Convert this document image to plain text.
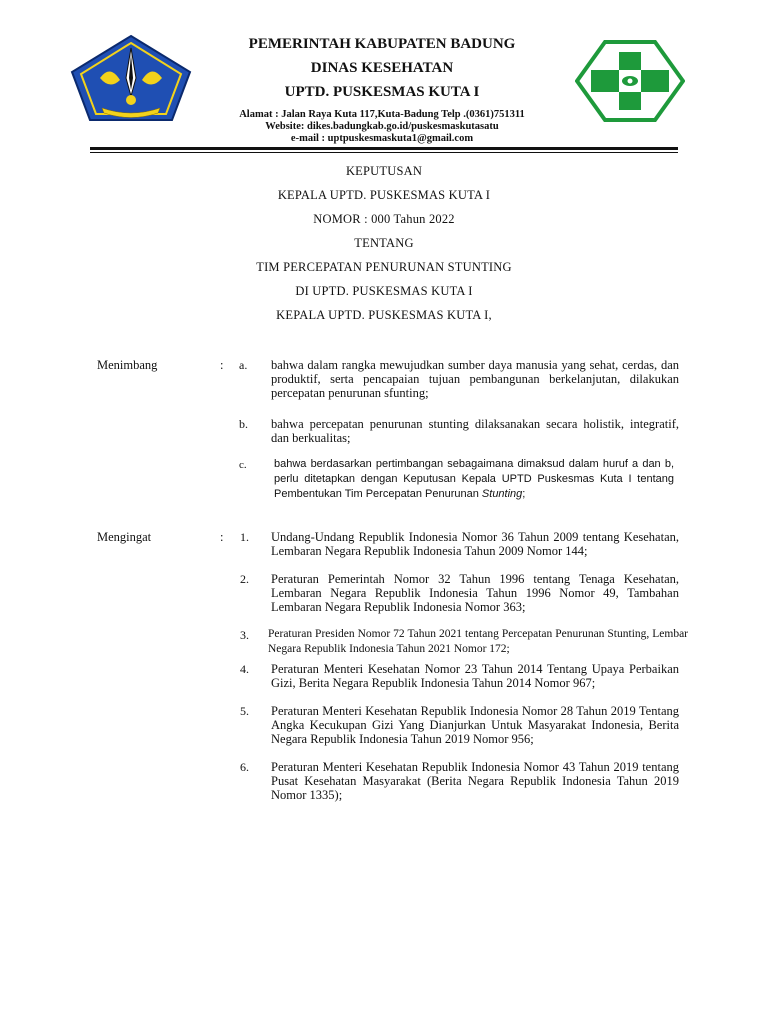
PEMERINTAH KABUPATEN BADUNG
DINAS KESEHATAN
UPTD. PUSKESMAS KUTA I
Alamat : Jalan Raya Kuta 117,Kuta-Badung Telp .(0361)751311
Website: dikes.badungkab.go.id/puskesmaskutasatu
e-mail : uptpuskesmaskuta1@gmail.com
KEPUTUSAN
KEPALA UPTD. PUSKESMAS KUTA I
NOMOR : 000 Tahun 2022
TENTANG
TIM PERCEPATAN PENURUNAN STUNTING
DI UPTD. PUSKESMAS KUTA I
KEPALA UPTD. PUSKESMAS KUTA I,
Menimbang	: a. bahwa dalam rangka mewujudkan sumber daya manusia yang sehat, cerdas, dan produktif, serta pencapaian tujuan pembangunan berkelanjutan, dilakukan percepatan penurunan sfunting;
b. bahwa percepatan penurunan stunting dilaksanakan secara holistik, integratif, dan berkualitas;
c. bahwa berdasarkan pertimbangan sebagaimana dimaksud dalam huruf a dan b, perlu ditetapkan dengan Keputusan Kepala UPTD Puskesmas Kuta I tentang Pembentukan Tim Percepatan Penurunan Stunting;
Mengingat	: 1. Undang-Undang Republik Indonesia Nomor 36 Tahun 2009 tentang Kesehatan, Lembaran Negara Republik Indonesia Tahun 2009 Nomor 144;
2. Peraturan Pemerintah Nomor 32 Tahun 1996 tentang Tenaga Kesehatan, Lembaran Negara Republik Indonesia Tahun 1996 Nomor 49, Tambahan Lembaran Negara Republik Indonesia Nomor 363;
3. Peraturan Presiden Nomor 72 Tahun 2021 tentang Percepatan Penurunan Stunting, Lembar Negara Republik Indonesia Tahun 2021 Nomor 172;
4. Peraturan Menteri Kesehatan Nomor 23 Tahun 2014 Tentang Upaya Perbaikan Gizi, Berita Negara Republik Indonesia Tahun 2014 Nomor 967;
5. Peraturan Menteri Kesehatan Republik Indonesia Nomor 28 Tahun 2019 Tentang Angka Kecukupan Gizi Yang Dianjurkan Untuk Masyarakat Indonesia, Berita Negara Republik Indonesia Tahun 2019 Nomor 956;
6. Peraturan Menteri Kesehatan Republik Indonesia Nomor 43 Tahun 2019 tentang Pusat Kesehatan Masyarakat (Berita Negara Republik Indonesia Tahun 2019 Nomor 1335);
